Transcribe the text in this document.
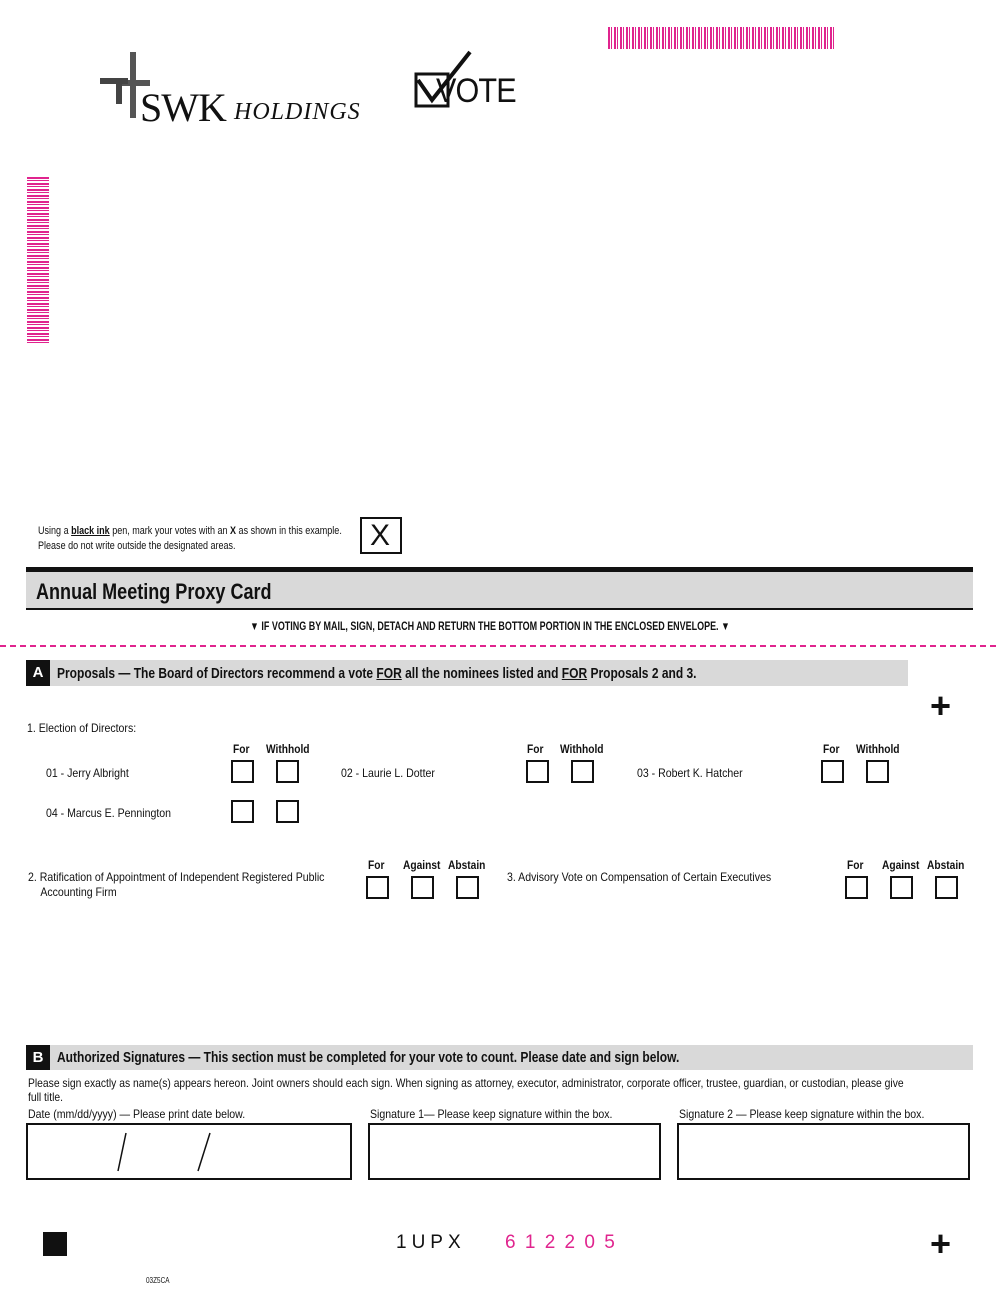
SWK HOLDINGS
VOTE
Using a black ink pen, mark your votes with an X as shown in this example.
Please do not write outside the designated areas.	X
Annual Meeting Proxy Card
▼ IF VOTING BY MAIL, SIGN, DETACH AND RETURN THE BOTTOM PORTION IN THE ENCLOSED ENVELOPE. ▼
A Proposals — The Board of Directors recommend a vote FOR all the nominees listed and FOR Proposals 2 and 3.
+
+
1. Election of Directors:
For Withhold	For Withhold	For Withhold
01 - Jerry Albright	02 - Laurie L. Dotter	03 - Robert K. Hatcher
04 - Marcus E. Pennington
2. Ratification of Appointment of Independent Registered Public
Accounting Firm
For Against Abstain
3. Advisory Vote on Compensation of Certain Executives
For Against Abstain
B Authorized Signatures — This section must be completed for your vote to count. Please date and sign below.
Please sign exactly as name(s) appears hereon. Joint owners should each sign. When signing as attorney, executor, administrator, corporate officer, trustee, guardian, or custodian, please give
full title.
Date (mm/dd/yyyy) — Please print date below.	Signature 1— Please keep signature within the box.	Signature 2 — Please keep signature within the box.
1UPX 6 1 2 2 0 5
03Z5CA
